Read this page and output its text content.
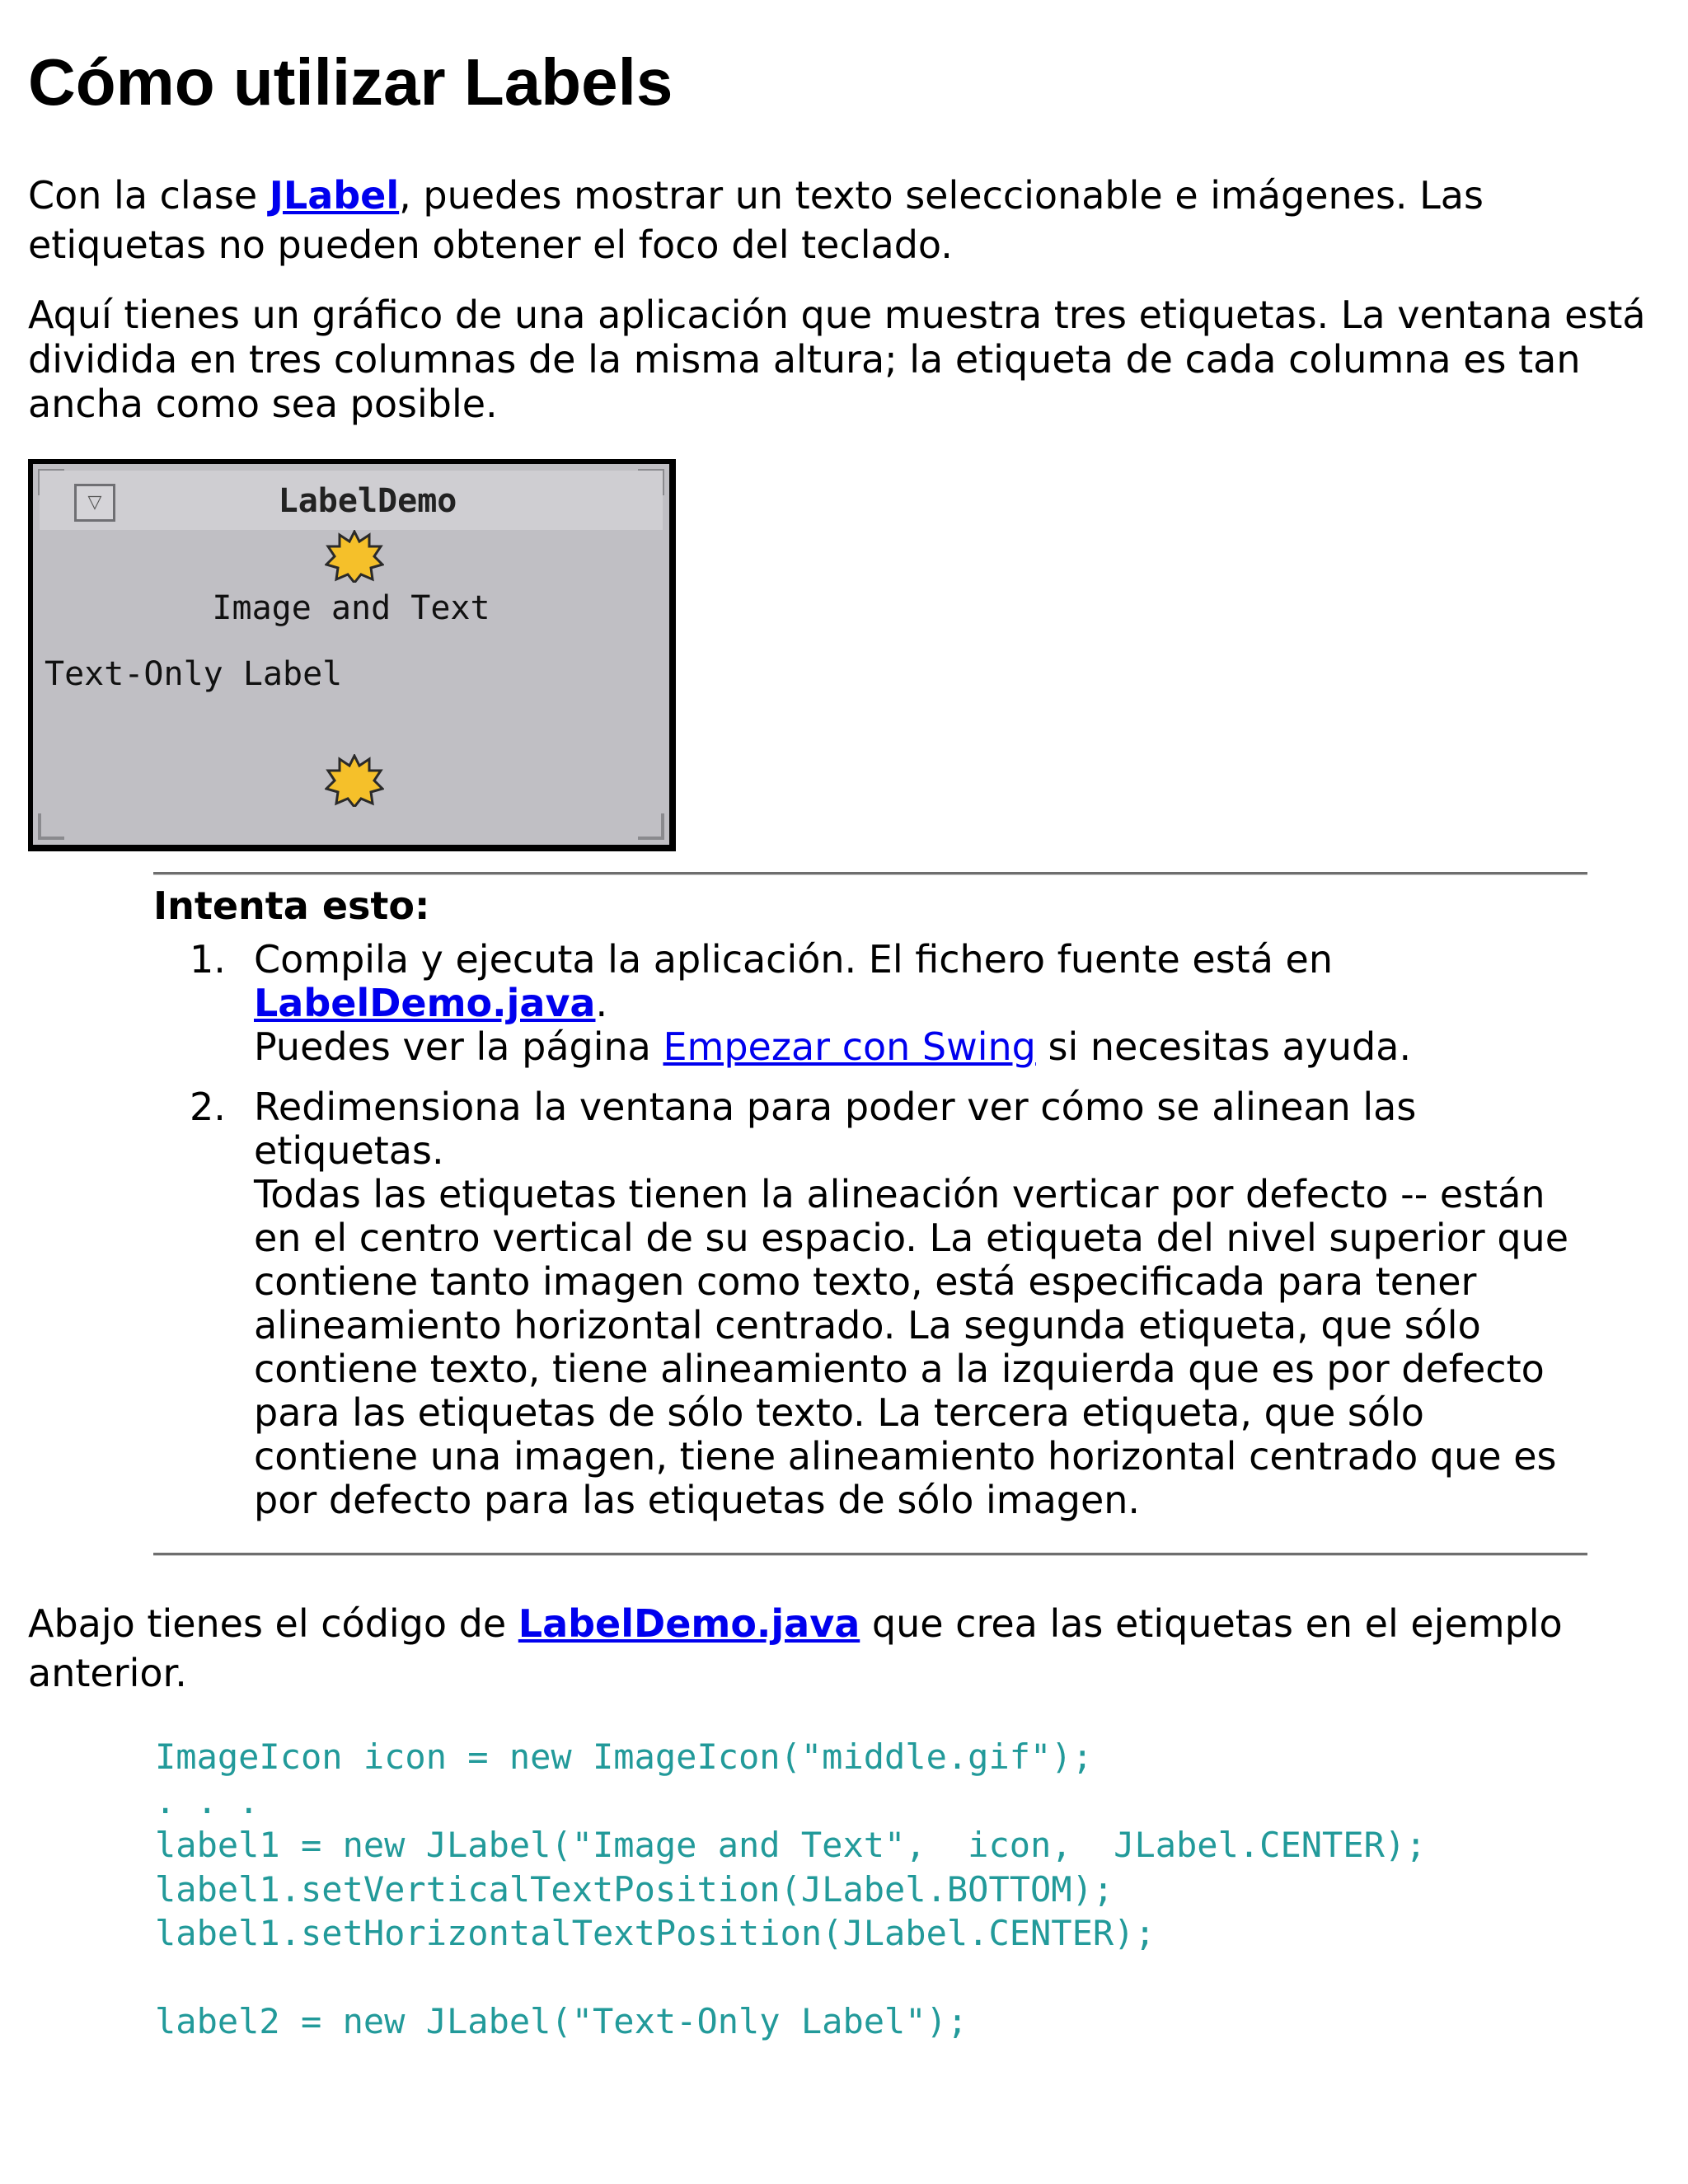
Cómo utilizar Labels

Con la clase JLabel, puedes mostrar un texto seleccionable e imágenes. Las etiquetas no pueden obtener el foco del teclado.

Aquí tienes un gráfico de una aplicación que muestra tres etiquetas. La ventana está dividida en tres columnas de la misma altura; la etiqueta de cada columna es tan ancha como sea posible.

Intenta esto:
1. Compila y ejecuta la aplicación. El fichero fuente está en LabelDemo.java.
Puedes ver la página Empezar con Swing si necesitas ayuda.
2. Redimensiona la ventana para poder ver cómo se alinean las etiquetas.
Todas las etiquetas tienen la alineación verticar por defecto -- están en el centro vertical de su espacio. La etiqueta del nivel superior que contiene tanto imagen como texto, está especificada para tener alineamiento horizontal centrado. La segunda etiqueta, que sólo contiene texto, tiene alineamiento a la izquierda que es por defecto para las etiquetas de sólo texto. La tercera etiqueta, que sólo contiene una imagen, tiene alineamiento horizontal centrado que es por defecto para las etiquetas de sólo imagen.

Abajo tienes el código de LabelDemo.java que crea las etiquetas en el ejemplo anterior.

ImageIcon icon = new ImageIcon("middle.gif");
. . .
label1 = new JLabel("Image and Text",  icon,  JLabel.CENTER);
label1.setVerticalTextPosition(JLabel.BOTTOM);
label1.setHorizontalTextPosition(JLabel.CENTER);

label2 = new JLabel("Text-Only Label");
▽	LabelDemo
Image and Text
Text-Only Label
